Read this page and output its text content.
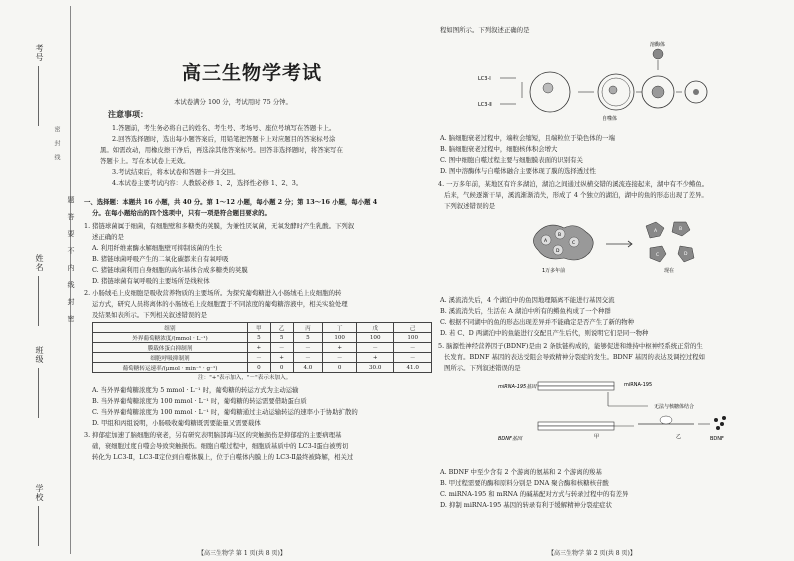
考号
姓名
班级
学校
题答要不内线封密
密封线
高三生物学考试
本试卷满分 100 分，考试用时 75 分钟。
注意事项：
1.答题前，考生务必将自己的姓名、考生号、考场号、座位号填写在答题卡上。
2.回答选择题时，选出每小题答案后，用铅笔把答题卡上对应题目的答案标号涂
黑。如需改动，用橡皮擦干净后，再选涂其他答案标号。回答非选择题时，将答案写在
答题卡上。写在本试卷上无效。
3.考试结束后，将本试卷和答题卡一并交回。
4.本试卷主要考试内容：人教版必修 1、2，选择性必修 1、2、3。
一、选择题：本题共 16 小题，共 40 分。第 1～12 小题，每小题 2 分；第 13～16 小题，每小题 4
分。在每小题给出的四个选项中，只有一项是符合题目要求的。
1. 猪链球菌属于细菌，有细胞壁和多糖类的荚膜，为兼性厌氧菌，无氧发酵时产生乳酸。下列叙
述正确的是
A. 利用纤维素酶水解细胞壁可抑制该菌的生长
B. 猪链球菌呼吸产生的二氧化碳都来自有氧呼吸
C. 猪链球菌利用自身细胞的高尔基体合成多糖类的荚膜
D. 猪链球菌有氧呼吸的主要场所是线粒体
2. 小肠绒毛上皮细胞是吸收营养物质的主要场所。为探究葡萄糖进入小肠绒毛上皮细胞的转
运方式，研究人员将离体的小肠绒毛上皮细胞置于不同浓度的葡萄糖溶液中，相关实验处理
及结果如表所示。下列相关叙述错误的是
组别	甲	乙	丙	丁	戊	己
外界葡萄糖浓度/(mmol · L⁻¹)	5	5	5	100	100	100
膜载体蛋白抑制剂	+	－	－	+	－	－
细胞呼吸抑制剂	－	+	－	－	+	－
葡萄糖转运速率/(μmol · min⁻¹ · g⁻¹)	0	0	4.0	0	30.0	41.0
注："+"表示加入，"－"表示未加入。
A. 当外界葡萄糖浓度为 5 mmol · L⁻¹ 时，葡萄糖的转运方式为主动运输
B. 当外界葡萄糖浓度为 100 mmol · L⁻¹ 时，葡萄糖的转运需要借助蛋白质
C. 当外界葡萄糖浓度为 100 mmol · L⁻¹ 时，葡萄糖通过主动运输转运的速率小于协助扩散的
D. 甲组和丙组说明，小肠吸收葡萄糖既需要能量又需要载体
3. 抑郁症加速了脑细胞的衰老，另有研究表明脑部海马区的突触损伤是抑郁症的主要病理基
础，衰细胞过度自噬会导致突触损伤。细胞自噬过程中，细胞质基质中的 LC3-Ⅰ蛋白被剪切
转化为 LC3-Ⅱ，LC3-Ⅱ定位到自噬体膜上，位于自噬体内膜上的 LC3-Ⅱ最终被降解，相关过
【高三生物学 第 1 页(共 8 页)】
程如图所示。下列叙述正确的是
LC3-Ⅰ
LC3-Ⅱ
自噬体
溶酶体
A. 脑细胞衰老过程中，端粒会缩短，且端粒位于染色体的一端
B. 脑细胞衰老过程中，细胞核体积会增大
C. 图中细胞自噬过程主要与细胞膜表面的识别有关
D. 图中溶酶体与自噬体融合主要体现了膜的选择透过性
4. 一万多年前，某地区有许多湖泊，湖泊之间通过纵横交错的溪流连接起来，湖中有不少鳉鱼。
后来，气候逐渐干旱，溪流渐渐消失，形成了 4 个独立的湖泊，湖中的鱼的形态出现了差异。
下列叙述错误的是
A
B
C
D
1万多年前
A	B
C	D
现在
A. 溪流消失后，4 个湖泊中的鱼因地理隔离不能进行基因交流
B. 溪流消失后，生活在 A 湖泊中所有的鳉鱼构成了一个种群
C. 根据不同湖中的鱼的形态出现差异并不能确定是否产生了新的物种
D. 若 C、D 两湖泊中的鱼能进行交配且产生后代，则说明它们是同一物种
5. 脑源性神经营养因子(BDNF)是由 2 条肽链构成的，能够促进和维持中枢神经系统正常的生
长发育。BDNF 基因的表达受阻会导致精神分裂症的发生。BDNF 基因的表达及调控过程如
图所示。下列叙述错误的是
miRNA-195基因	miRNA-195
无法与核糖体结合
BDNF基因	甲	乙	BDNF
A. BDNF 中至少含有 2 个游离的氨基和 2 个游离的羧基
B. 甲过程需要的酶和原料分别是 DNA 聚合酶和核糖核苷酸
C. miRNA-195 和 mRNA 的碱基配对方式与转录过程中的有差异
D. 抑制 miRNA-195 基因的转录有利于缓解精神分裂症症状
【高三生物学 第 2 页(共 8 页)】
